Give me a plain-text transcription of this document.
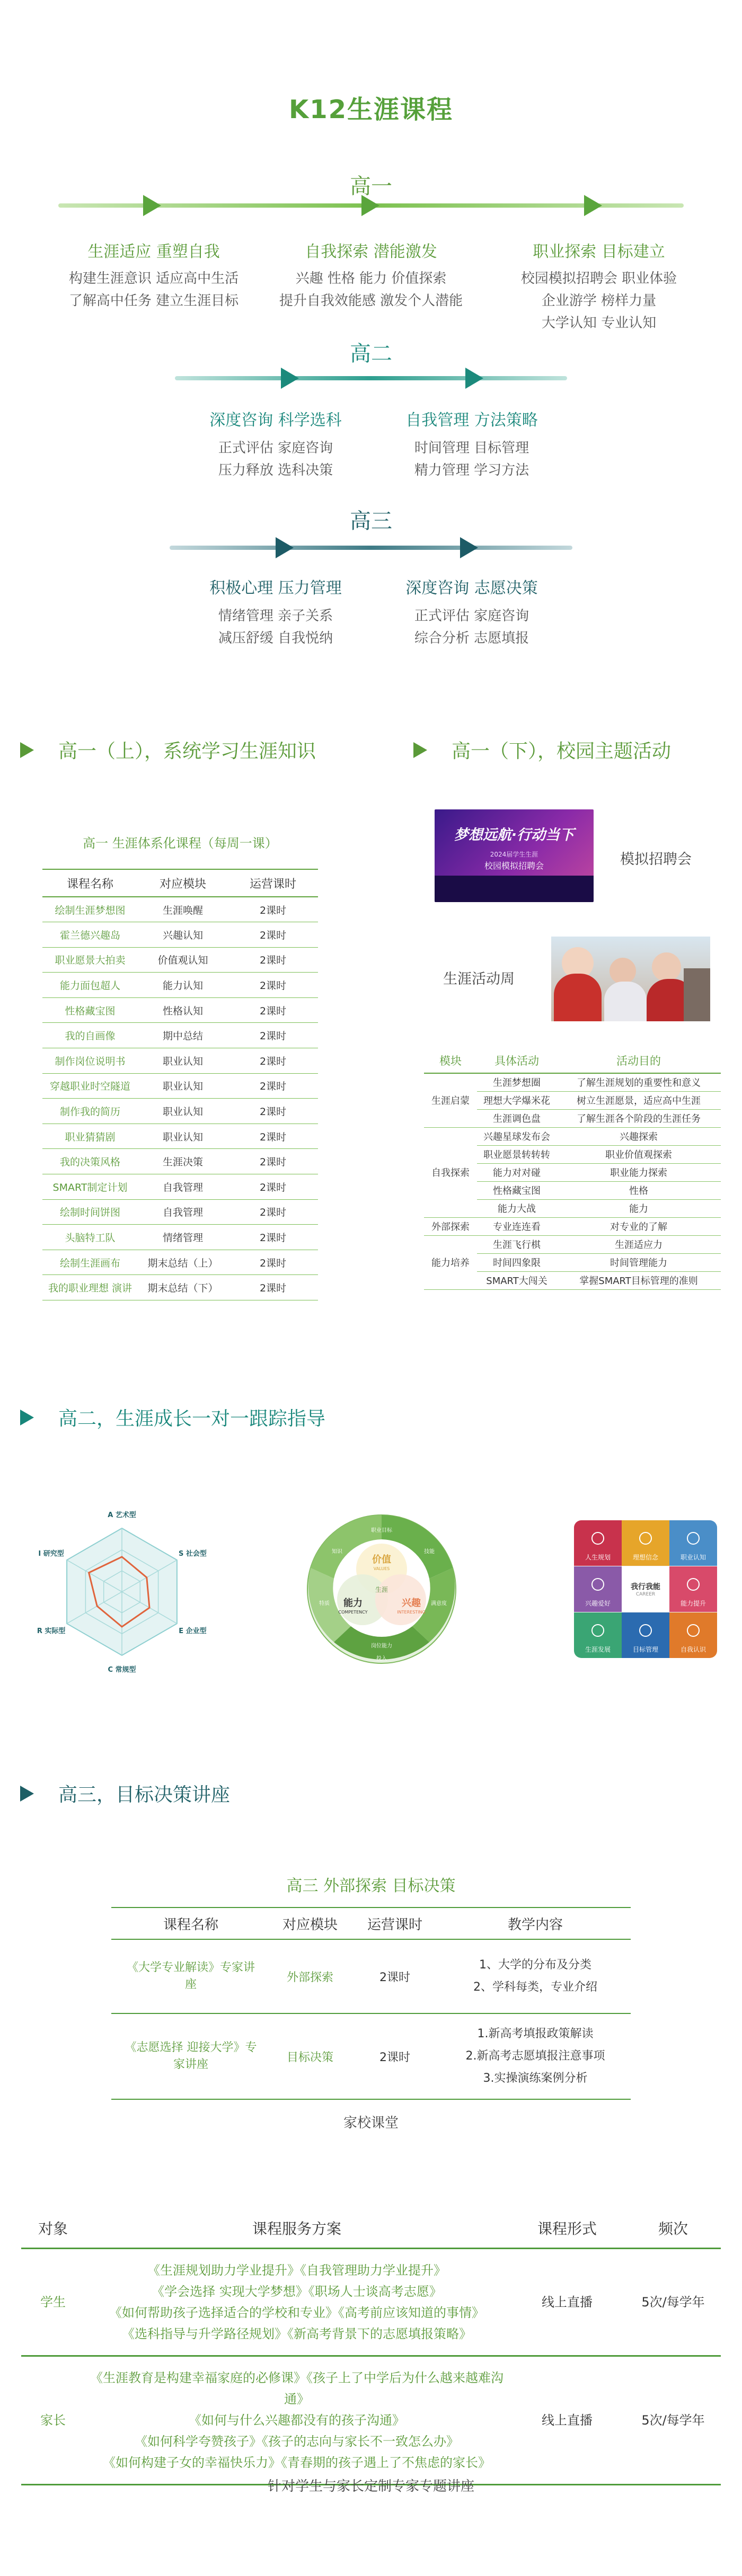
K12生涯课程
高一
生涯适应 重塑自我
构建生涯意识 适应高中生活
了解高中任务 建立生涯目标
自我探索 潜能激发
兴趣 性格 能力 价值探索
提升自我效能感 激发个人潜能
职业探索 目标建立
校园模拟招聘会 职业体验
企业游学 榜样力量
大学认知 专业认知
高二
深度咨询 科学选科
正式评估 家庭咨询
压力释放 选科决策
自我管理 方法策略
时间管理 目标管理
精力管理 学习方法
高三
积极心理 压力管理
情绪管理 亲子关系
减压舒缓 自我悦纳
深度咨询 志愿决策
正式评估 家庭咨询
综合分析 志愿填报
高一（上），系统学习生涯知识
高一 生涯体系化课程（每周一课）
课程名称	对应模块	运营课时
绘制生涯梦想图	生涯唤醒	2课时
霍兰德兴趣岛	兴趣认知	2课时
职业愿景大拍卖	价值观认知	2课时
能力面包超人	能力认知	2课时
性格藏宝图	性格认知	2课时
我的自画像	期中总结	2课时
制作岗位说明书	职业认知	2课时
穿越职业时空隧道	职业认知	2课时
制作我的简历	职业认知	2课时
职业猜猜剧	职业认知	2课时
我的决策风格	生涯决策	2课时
SMART制定计划	自我管理	2课时
绘制时间饼图	自我管理	2课时
头脑特工队	情绪管理	2课时
绘制生涯画布	期末总结（上）	2课时
我的职业理想 演讲	期末总结（下）	2课时
高一（下），校园主题活动
梦想远航·行动当下
2024届学生生涯
校园模拟招聘会	模拟招聘会
生涯活动周
模块	具体活动	活动目的
生涯启蒙	生涯梦想圈	了解生涯规划的重要性和意义
	理想大学爆米花	树立生涯愿景，适应高中生涯
	生涯调色盘	了解生涯各个阶段的生涯任务
自我探索	兴趣星球发布会	兴趣探索
	职业愿景转转转	职业价值观探索
	能力对对碰	职业能力探索
	性格藏宝图	性格
	能力大战	能力
外部探索	专业连连看	对专业的了解
能力培养	生涯飞行棋	生涯适应力
	时间四象限	时间管理能力
	SMART大闯关	掌握SMART目标管理的准则
高二，生涯成长一对一跟踪指导
A 艺术型
S 社会型
E 企业型
C 常规型
R 实际型
I 研究型
价值
VALUES
能力
COMPETENCY
兴趣
INTERESTING
生涯
职业目标
知识	技能
特质
岗位能力
满意度
投入
人生规划	理想信念	职业认知
兴趣爱好	能力提升
生涯发展	目标管理	自我认识
我行我能
CAREER
高三，目标决策讲座
高三 外部探索 目标决策
课程名称	对应模块	运营课时	教学内容
《大学专业解读》专家讲座	外部探索	2课时	1、大学的分布及分类
2、学科每类，专业介绍

《志愿选择 迎接大学》专家讲座	目标决策	2课时	1.新高考填报政策解读
2.新高考志愿填报注意事项
3.实操演练案例分析
家校课堂
对象	课程服务方案	课程形式	频次
学生	《生涯规划助力学业提升》《自我管理助力学业提升》
《学会选择 实现大学梦想》《职场人士谈高考志愿》
《如何帮助孩子选择适合的学校和专业》《高考前应该知道的事情》
《选科指导与升学路径规划》《新高考背景下的志愿填报策略》	线上直播	5次/每学年
家长	《生涯教育是构建幸福家庭的必修课》《孩子上了中学后为什么越来越难沟通》
《如何与什么兴趣都没有的孩子沟通》
《如何科学夸赞孩子》《孩子的志向与家长不一致怎么办》
《如何构建子女的幸福快乐力》《青春期的孩子遇上了不焦虑的家长》	线上直播	5次/每学年
针对学生与家长定制专家专题讲座
